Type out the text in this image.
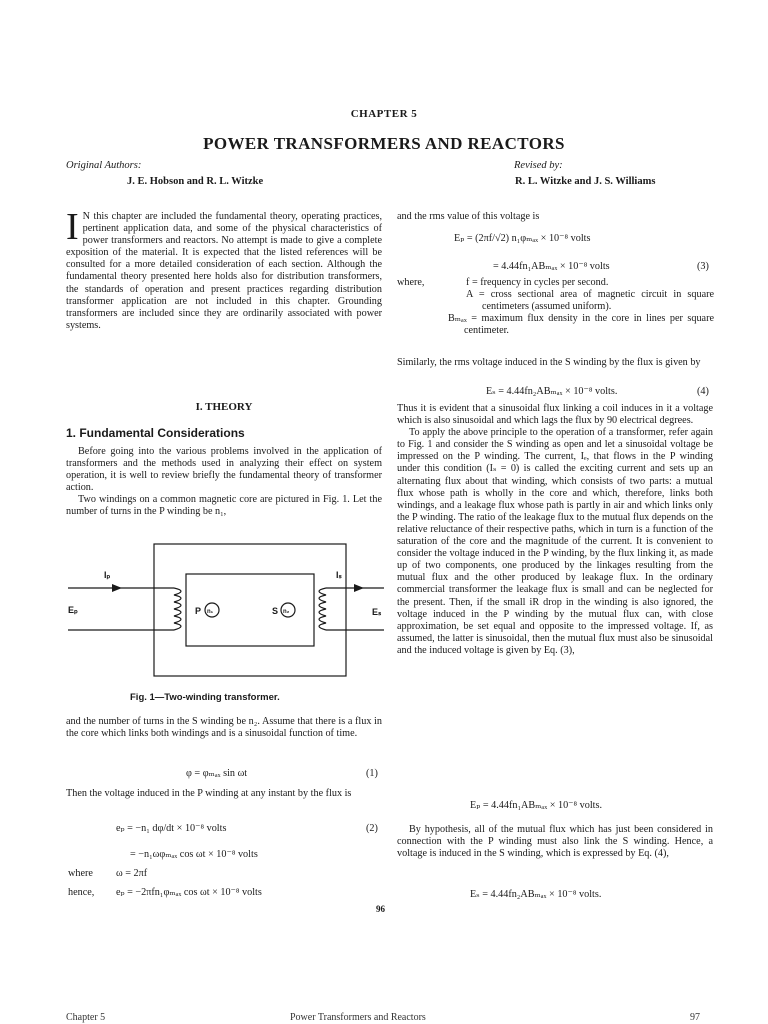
CHAPTER 5
POWER TRANSFORMERS AND REACTORS
Original Authors:
J. E. Hobson and R. L. Witzke
Revised by:
R. L. Witzke and J. S. Williams
I N this chapter are included the fundamental theory, operating practices, pertinent application data, and some of the physical characteristics of power transformers and reactors. No attempt is made to give a complete exposition of the material. It is expected that the listed references will be consulted for a more detailed consideration of each section. Although the fundamental theory presented here holds also for distribution transformers, the standards of operation and present practices regarding distribution transformer application are not included in this chapter. Grounding transformers are included since they are ordinarily associated with power systems.
I. THEORY
1. Fundamental Considerations

Before going into the various problems involved in the application of transformers and the methods used in analyzing their effect on system operation, it is well to review briefly the fundamental theory of transformer action.

Two windings on a common magnetic core are pictured in Fig. 1. Let the number of turns in the P winding be n₁,

Iₚ	Iₛ
Eₚ	Eₛ
P n₁	S n₂
Fig. 1—Two-winding transformer.

and the number of turns in the S winding be n₂. Assume that there is a flux in the core which links both windings and is a sinusoidal function of time.

φ = φₘₐₓ sin ωt	(1)

Then the voltage induced in the P winding at any instant by the flux is

eₚ = −n₁ dφ/dt × 10⁻⁸ volts	(2)
= −n₁ωφₘₐₓ cos ωt × 10⁻⁸ volts
where ω = 2πf
hence, eₚ = −2πfn₁φₘₐₓ cos ωt × 10⁻⁸ volts
96

and the rms value of this voltage is

Eₚ = (2πf/√2) n₁φₘₐₓ × 10⁻⁸ volts
= 4.44fn₁ABₘₐₓ × 10⁻⁸ volts	(3)
where,	f = frequency in cycles per second.
A = cross sectional area of magnetic circuit in square centimeters (assumed uniform).
Bₘₐₓ = maximum flux density in the core in lines per square centimeter.

Similarly, the rms voltage induced in the S winding by the flux is given by

Eₛ = 4.44fn₂ABₘₐₓ × 10⁻⁸ volts.	(4)

Thus it is evident that a sinusoidal flux linking a coil induces in it a voltage which is also sinusoidal and which lags the flux by 90 electrical degrees.

To apply the above principle to the operation of a transformer, refer again to Fig. 1 and consider the S winding as open and let a sinusoidal voltage be impressed on the P winding. The current, Iₑ, that flows in the P winding under this condition (Iₛ = 0) is called the exciting current and sets up an alternating flux about that winding, which consists of two parts: a mutual flux whose path is wholly in the core and which, therefore, links both windings, and a leakage flux whose path is partly in air and which links only the P winding. The ratio of the leakage flux to the mutual flux depends on the relative reluctance of their respective paths, which in turn is a function of the saturation of the core and the magnitude of the current. It is convenient to consider the voltage induced in the P winding, by the flux linking it, as made up of two components, one produced by the linkages resulting from the mutual flux and the other produced by leakage flux. In the ordinary commercial transformer the leakage flux is small and can be neglected for the present. Then, if the small iR drop in the winding is also ignored, the voltage induced in the P winding by the mutual flux can, with close approximation, be set equal and opposite to the impressed voltage. If, as assumed, the latter is sinusoidal, then the mutual flux must also be sinusoidal and the induced voltage is given by Eq. (3),

Eₚ = 4.44fn₁ABₘₐₓ × 10⁻⁸ volts.

By hypothesis, all of the mutual flux which has just been considered in connection with the P winding must also link the S winding. Hence, a voltage is induced in the S winding, which is expressed by Eq. (4),

Eₛ = 4.44fn₂ABₘₐₓ × 10⁻⁸ volts.
Chapter 5	Power Transformers and Reactors	97
